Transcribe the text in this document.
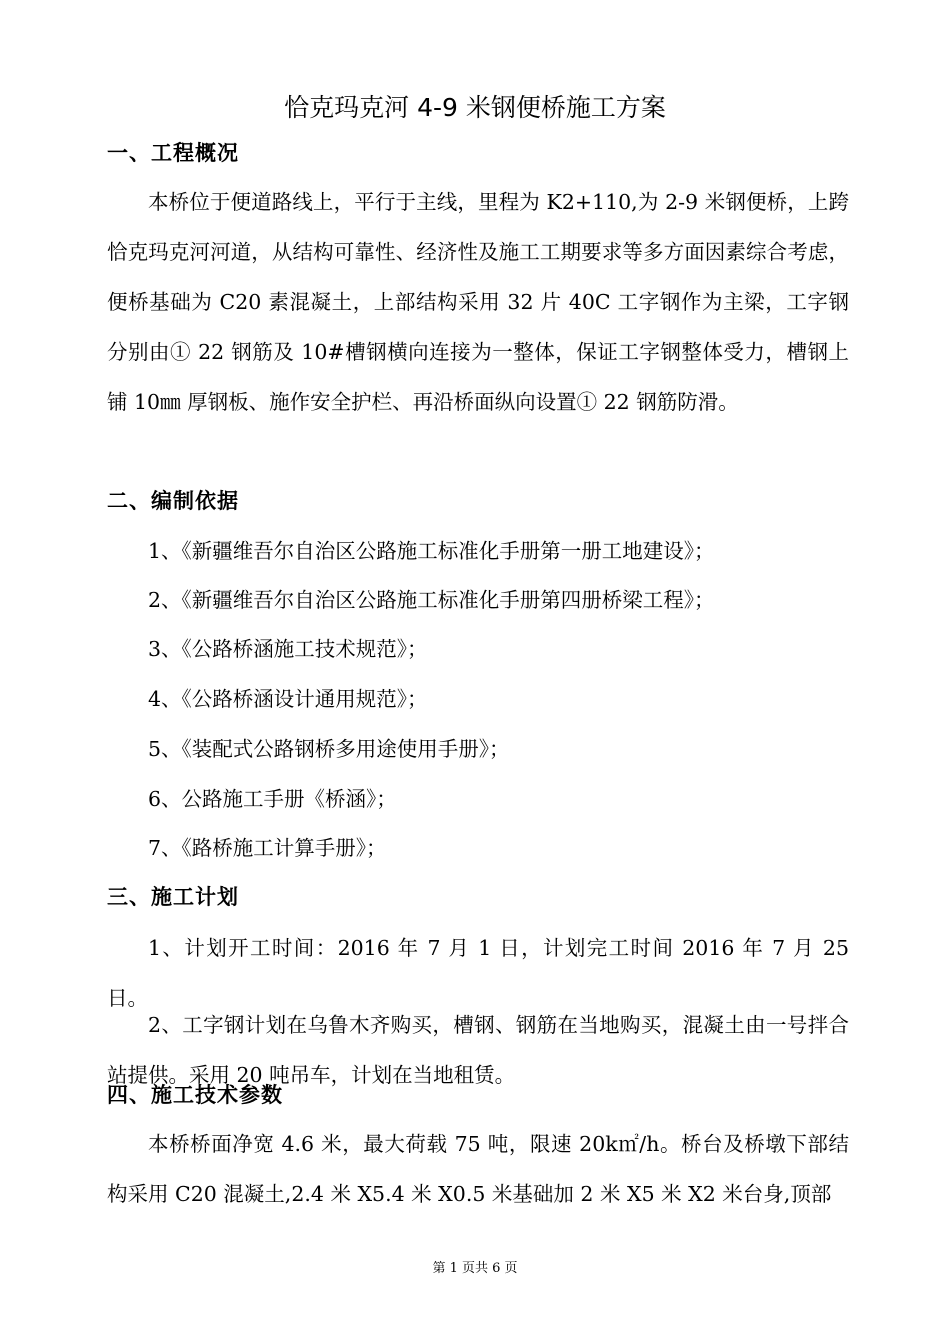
恰克玛克河 4-9 米钢便桥施工方案
一、工程概况

本桥位于便道路线上，平行于主线，里程为 K2+110,为 2-9 米钢便桥，上跨恰克玛克河河道，从结构可靠性、经济性及施工工期要求等多方面因素综合考虑，便桥基础为 C20 素混凝土，上部结构采用 32 片 40C 工字钢作为主梁，工字钢分别由① 22 钢筋及 10#槽钢横向连接为一整体，保证工字钢整体受力，槽钢上铺 10㎜ 厚钢板、施作安全护栏、再沿桥面纵向设置① 22 钢筋防滑。

二、编制依据
1、《新疆维吾尔自治区公路施工标准化手册第一册工地建设》；
2、《新疆维吾尔自治区公路施工标准化手册第四册桥梁工程》；
3、《公路桥涵施工技术规范》；
4、《公路桥涵设计通用规范》；
5、《装配式公路钢桥多用途使用手册》；
6、公路施工手册《桥涵》；
7、《路桥施工计算手册》；
三、施工计划

1、计划开工时间：2016 年 7 月 1 日，计划完工时间 2016 年 7 月 25 日。

2、工字钢计划在乌鲁木齐购买，槽钢、钢筋在当地购买，混凝土由一号拌合站提供。采用 20 吨吊车，计划在当地租赁。

四、施工技术参数

本桥桥面净宽 4.6 米，最大荷载 75 吨，限速 20k㎡/h。桥台及桥墩下部结构采用 C20 混凝土,2.4 米 X5.4 米 X0.5 米基础加 2 米 X5 米 X2 米台身,顶部

第 1 页共 6 页
